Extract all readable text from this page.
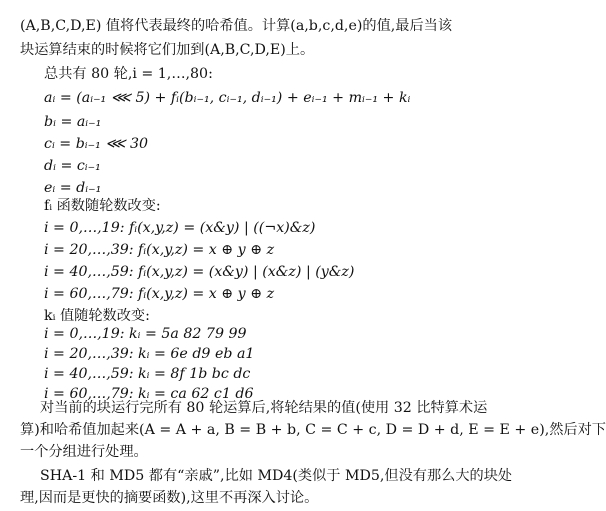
(A,B,C,D,E) 值将代表最终的哈希值。计算(a,b,c,d,e)的值,最后当该
块运算结束的时候将它们加到(A,B,C,D,E)上。
总共有 80 轮,i = 1,…,80:
aᵢ = (aᵢ₋₁ ⋘ 5) + fᵢ(bᵢ₋₁, cᵢ₋₁, dᵢ₋₁) + eᵢ₋₁ + mᵢ₋₁ + kᵢ
bᵢ = aᵢ₋₁
cᵢ = bᵢ₋₁ ⋘ 30
dᵢ = cᵢ₋₁
eᵢ = dᵢ₋₁
fᵢ 函数随轮数改变:
i = 0,…,19: fᵢ(x,y,z) = (x&y) | ((¬x)&z)
i = 20,…,39: fᵢ(x,y,z) = x ⊕ y ⊕ z
i = 40,…,59: fᵢ(x,y,z) = (x&y) | (x&z) | (y&z)
i = 60,…,79: fᵢ(x,y,z) = x ⊕ y ⊕ z
kᵢ 值随轮数改变:
i = 0,…,19: kᵢ = 5a 82 79 99
i = 20,…,39: kᵢ = 6e d9 eb a1
i = 40,…,59: kᵢ = 8f 1b bc dc
i = 60,…,79: kᵢ = ca 62 c1 d6
对当前的块运行完所有 80 轮运算后,将轮结果的值(使用 32 比特算术运
算)和哈希值加起来(A = A + a, B = B + b, C = C + c, D = D + d, E = E + e),然后对下
一个分组进行处理。
SHA-1 和 MD5 都有“亲戚”,比如 MD4(类似于 MD5,但没有那么大的块处
理,因而是更快的摘要函数),这里不再深入讨论。
